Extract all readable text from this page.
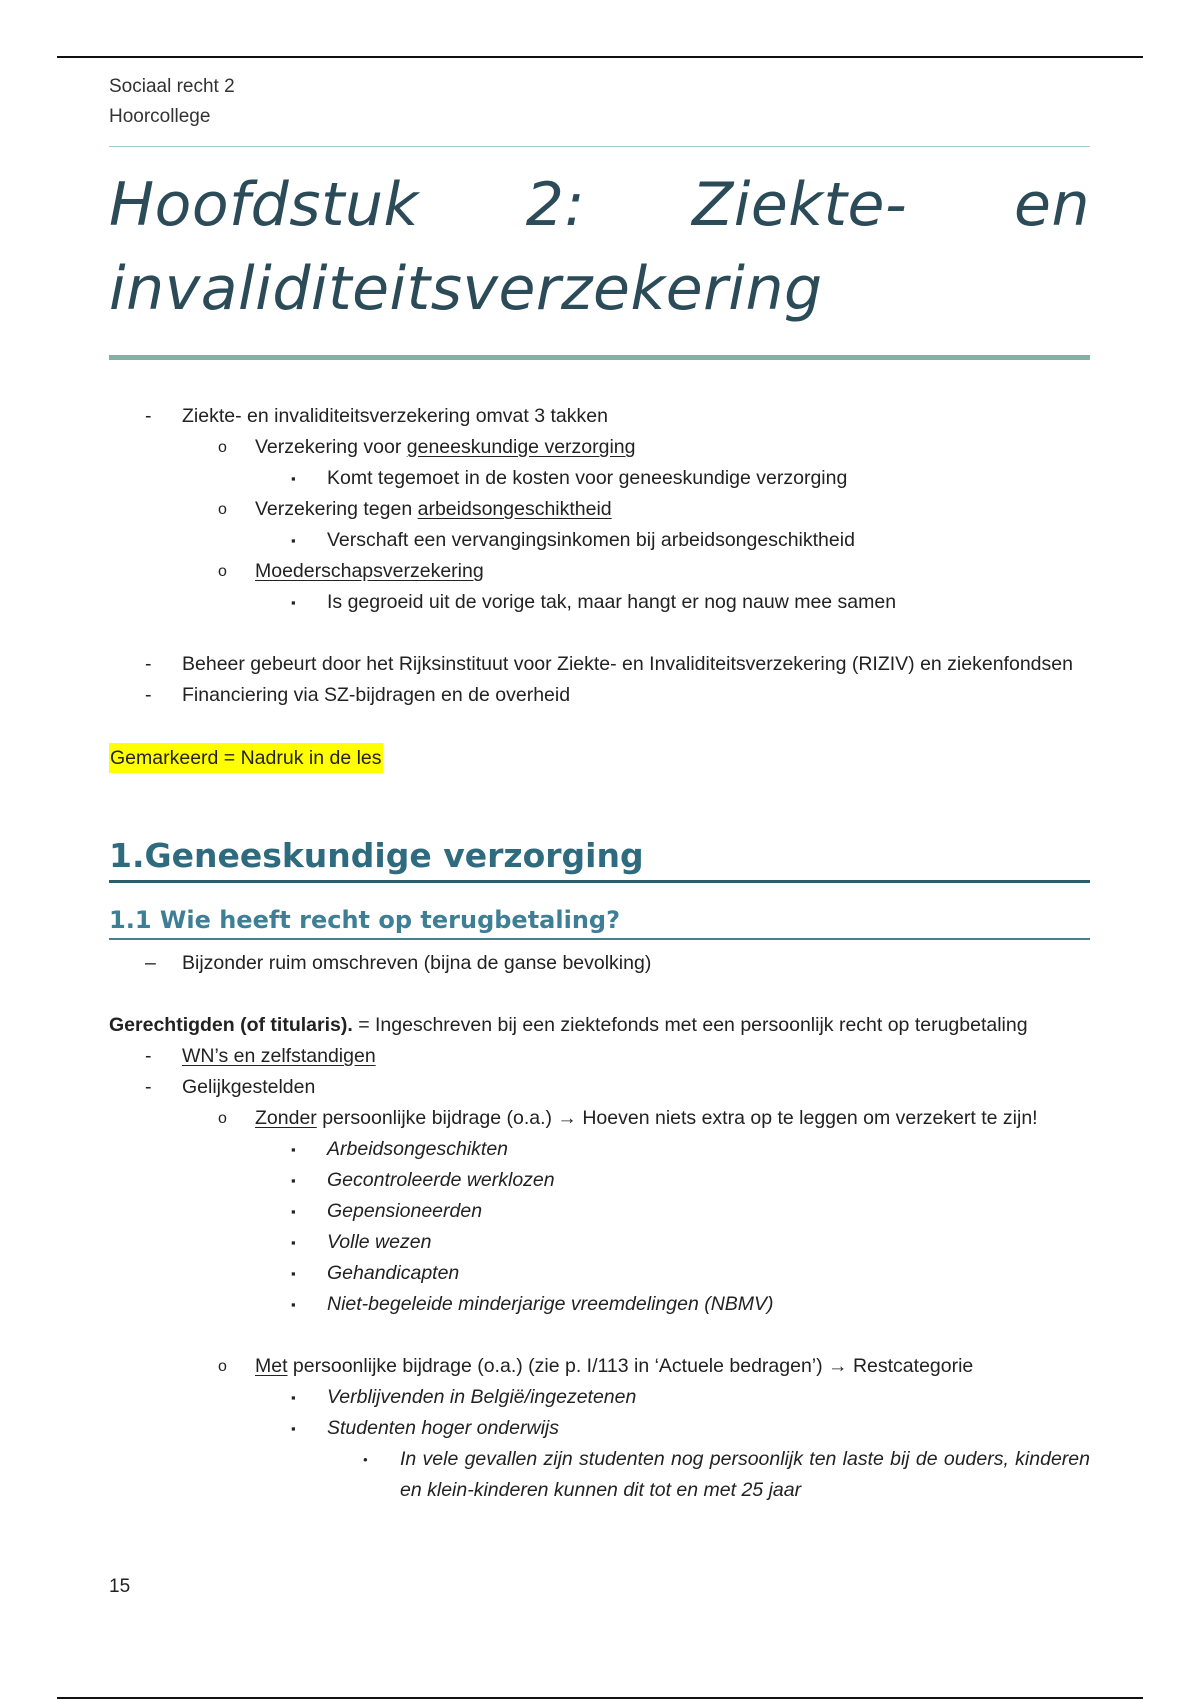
Sociaal recht 2
Hoorcollege
Hoofdstuk 2: Ziekte- en invaliditeitsverzekering
- Ziekte- en invaliditeitsverzekering omvat 3 takken
o Verzekering voor geneeskundige verzorging
▪ Komt tegemoet in de kosten voor geneeskundige verzorging
o Verzekering tegen arbeidsongeschiktheid
▪ Verschaft een vervangingsinkomen bij arbeidsongeschiktheid
o Moederschapsverzekering
▪ Is gegroeid uit de vorige tak, maar hangt er nog nauw mee samen
- Beheer gebeurt door het Rijksinstituut voor Ziekte- en Invaliditeitsverzekering (RIZIV) en ziekenfondsen
- Financiering via SZ-bijdragen en de overheid
Gemarkeerd = Nadruk in de les
1.Geneeskundige verzorging
1.1 Wie heeft recht op terugbetaling?
– Bijzonder ruim omschreven (bijna de ganse bevolking)
Gerechtigden (of titularis). = Ingeschreven bij een ziektefonds met een persoonlijk recht op terugbetaling
- WN’s en zelfstandigen
- Gelijkgestelden
o Zonder persoonlijke bijdrage (o.a.) → Hoeven niets extra op te leggen om verzekert te zijn!
▪ Arbeidsongeschikten
▪ Gecontroleerde werklozen
▪ Gepensioneerden
▪ Volle wezen
▪ Gehandicapten
▪ Niet-begeleide minderjarige vreemdelingen (NBMV)
o Met persoonlijke bijdrage (o.a.) (zie p. I/113 in ‘Actuele bedragen’) → Restcategorie
▪ Verblijvenden in België/ingezetenen
▪ Studenten hoger onderwijs
• In vele gevallen zijn studenten nog persoonlijk ten laste bij de ouders, kinderen en klein-kinderen kunnen dit tot en met 25 jaar
15
